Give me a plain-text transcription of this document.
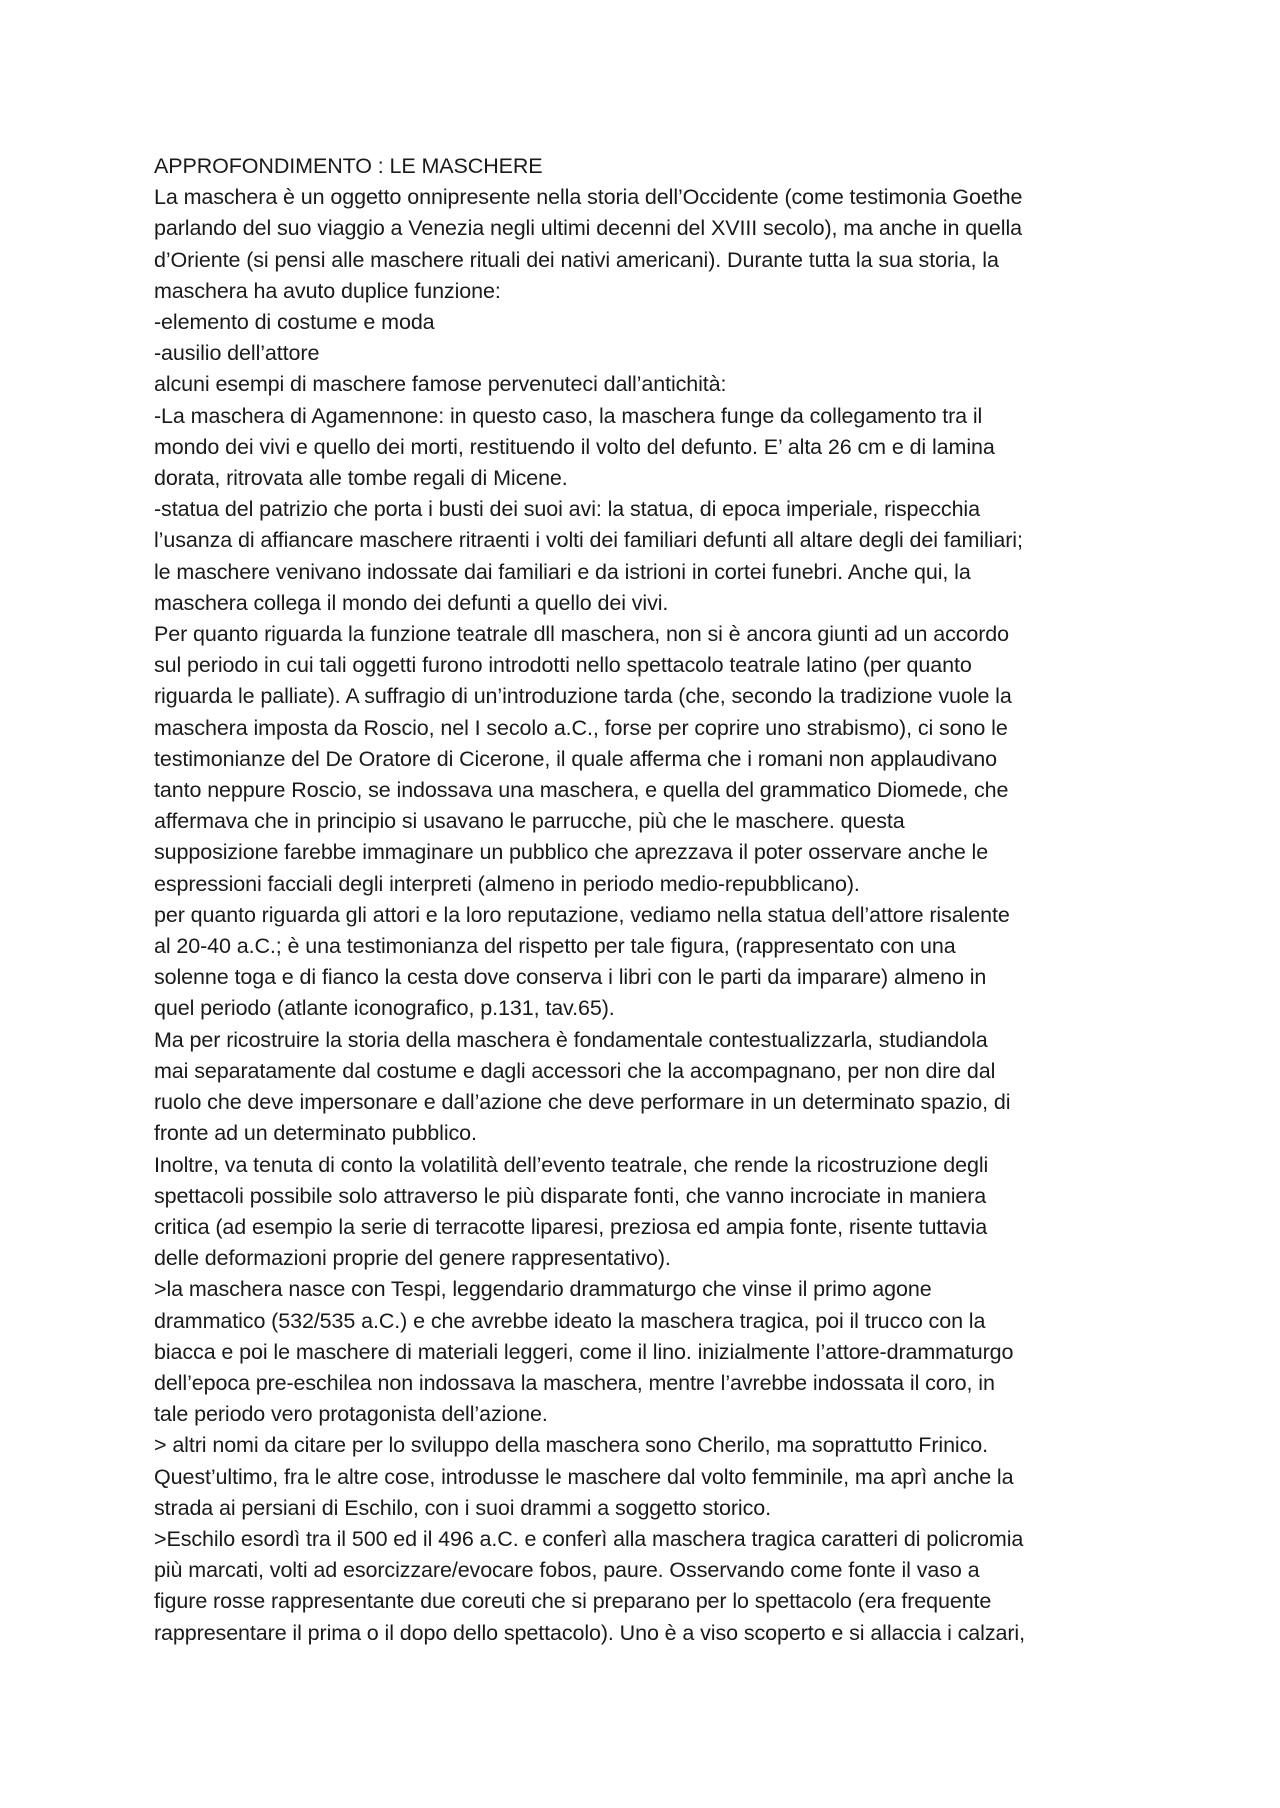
APPROFONDIMENTO : LE MASCHERE
La maschera è un oggetto onnipresente nella storia dell’Occidente (come testimonia Goethe
parlando del suo viaggio a Venezia negli ultimi decenni del XVIII secolo), ma anche in quella
d’Oriente (si pensi alle maschere rituali dei nativi americani). Durante tutta la sua storia, la
maschera ha avuto duplice funzione:
-elemento di costume e moda
-ausilio dell’attore
alcuni esempi di maschere famose pervenuteci dall’antichità:
-La maschera di Agamennone: in questo caso, la maschera funge da collegamento tra il
mondo dei vivi e quello dei morti, restituendo il volto del defunto. E’ alta 26 cm e di lamina
dorata, ritrovata alle tombe regali di Micene.
-statua del patrizio che porta i busti dei suoi avi: la statua, di epoca imperiale, rispecchia
l’usanza di affiancare maschere ritraenti i volti dei familiari defunti all altare degli dei familiari;
le maschere venivano indossate dai familiari e da istrioni in cortei funebri. Anche qui, la
maschera collega il mondo dei defunti a quello dei vivi.
Per quanto riguarda la funzione teatrale dll maschera, non si è ancora giunti ad un accordo
sul periodo in cui tali oggetti furono introdotti nello spettacolo teatrale latino (per quanto
riguarda le palliate). A suffragio di un’introduzione tarda (che, secondo la tradizione vuole la
maschera imposta da Roscio, nel I secolo a.C., forse per coprire uno strabismo), ci sono le
testimonianze del De Oratore di Cicerone, il quale afferma che i romani non applaudivano
tanto neppure Roscio, se indossava una maschera, e quella del grammatico Diomede, che
affermava che in principio si usavano le parrucche, più che le maschere. questa
supposizione farebbe immaginare un pubblico che aprezzava il poter osservare anche le
espressioni facciali degli interpreti (almeno in periodo medio-repubblicano).
per quanto riguarda gli attori e la loro reputazione, vediamo nella statua dell’attore risalente
al 20-40 a.C.; è una testimonianza del rispetto per tale figura, (rappresentato con una
solenne toga e di fianco la cesta dove conserva i libri con le parti da imparare) almeno in
quel periodo (atlante iconografico, p.131, tav.65).
Ma per ricostruire la storia della maschera è fondamentale contestualizzarla, studiandola
mai separatamente dal costume e dagli accessori che la accompagnano, per non dire dal
ruolo che deve impersonare e dall’azione che deve performare in un determinato spazio, di
fronte ad un determinato pubblico.
Inoltre, va tenuta di conto la volatilità dell’evento teatrale, che rende la ricostruzione degli
spettacoli possibile solo attraverso le più disparate fonti, che vanno incrociate in maniera
critica (ad esempio la serie di terracotte liparesi, preziosa ed ampia fonte, risente tuttavia
delle deformazioni proprie del genere rappresentativo).
>la maschera nasce con Tespi, leggendario drammaturgo che vinse il primo agone
drammatico (532/535 a.C.) e che avrebbe ideato la maschera tragica, poi il trucco con la
biacca e poi le maschere di materiali leggeri, come il lino. inizialmente l’attore-drammaturgo
dell’epoca pre-eschilea non indossava la maschera, mentre l’avrebbe indossata il coro, in
tale periodo vero protagonista dell’azione.
> altri nomi da citare per lo sviluppo della maschera sono Cherilo, ma soprattutto Frinico.
Quest’ultimo, fra le altre cose, introdusse le maschere dal volto femminile, ma aprì anche la
strada ai persiani di Eschilo, con i suoi drammi a soggetto storico.
>Eschilo esordì tra il 500 ed il 496 a.C. e conferì alla maschera tragica caratteri di policromia
più marcati, volti ad esorcizzare/evocare fobos, paure. Osservando come fonte il vaso a
figure rosse rappresentante due coreuti che si preparano per lo spettacolo (era frequente
rappresentare il prima o il dopo dello spettacolo). Uno è a viso scoperto e si allaccia i calzari,
